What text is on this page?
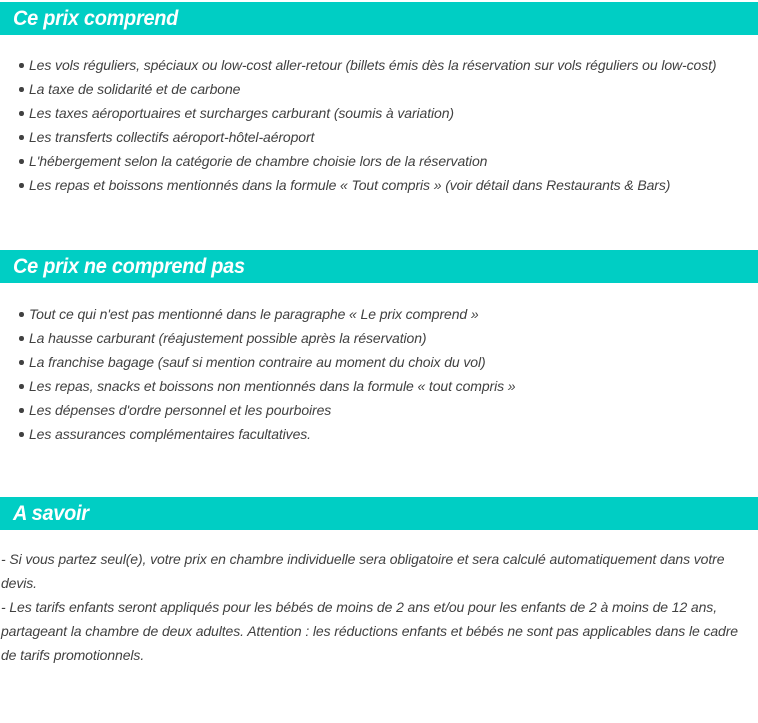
Ce prix comprend
Les vols réguliers, spéciaux ou low-cost aller-retour (billets émis dès la réservation sur vols réguliers ou low-cost)
La taxe de solidarité et de carbone
Les taxes aéroportuaires et surcharges carburant (soumis à variation)
Les transferts collectifs aéroport-hôtel-aéroport
L'hébergement selon la catégorie de chambre choisie lors de la réservation
Les repas et boissons mentionnés dans la formule « Tout compris » (voir détail dans Restaurants & Bars)
Ce prix ne comprend pas
Tout ce qui n'est pas mentionné dans le paragraphe « Le prix comprend »
La hausse carburant (réajustement possible après la réservation)
La franchise bagage (sauf si mention contraire au moment du choix du vol)
Les repas, snacks et boissons non mentionnés dans la formule « tout compris »
Les dépenses d'ordre personnel et les pourboires
Les assurances complémentaires facultatives.
A savoir

- Si vous partez seul(e), votre prix en chambre individuelle sera obligatoire et sera calculé automatiquement dans votre devis.

- Les tarifs enfants seront appliqués pour les bébés de moins de 2 ans et/ou pour les enfants de 2 à moins de 12 ans, partageant la chambre de deux adultes. Attention : les réductions enfants et bébés ne sont pas applicables dans le cadre de tarifs promotionnels.
